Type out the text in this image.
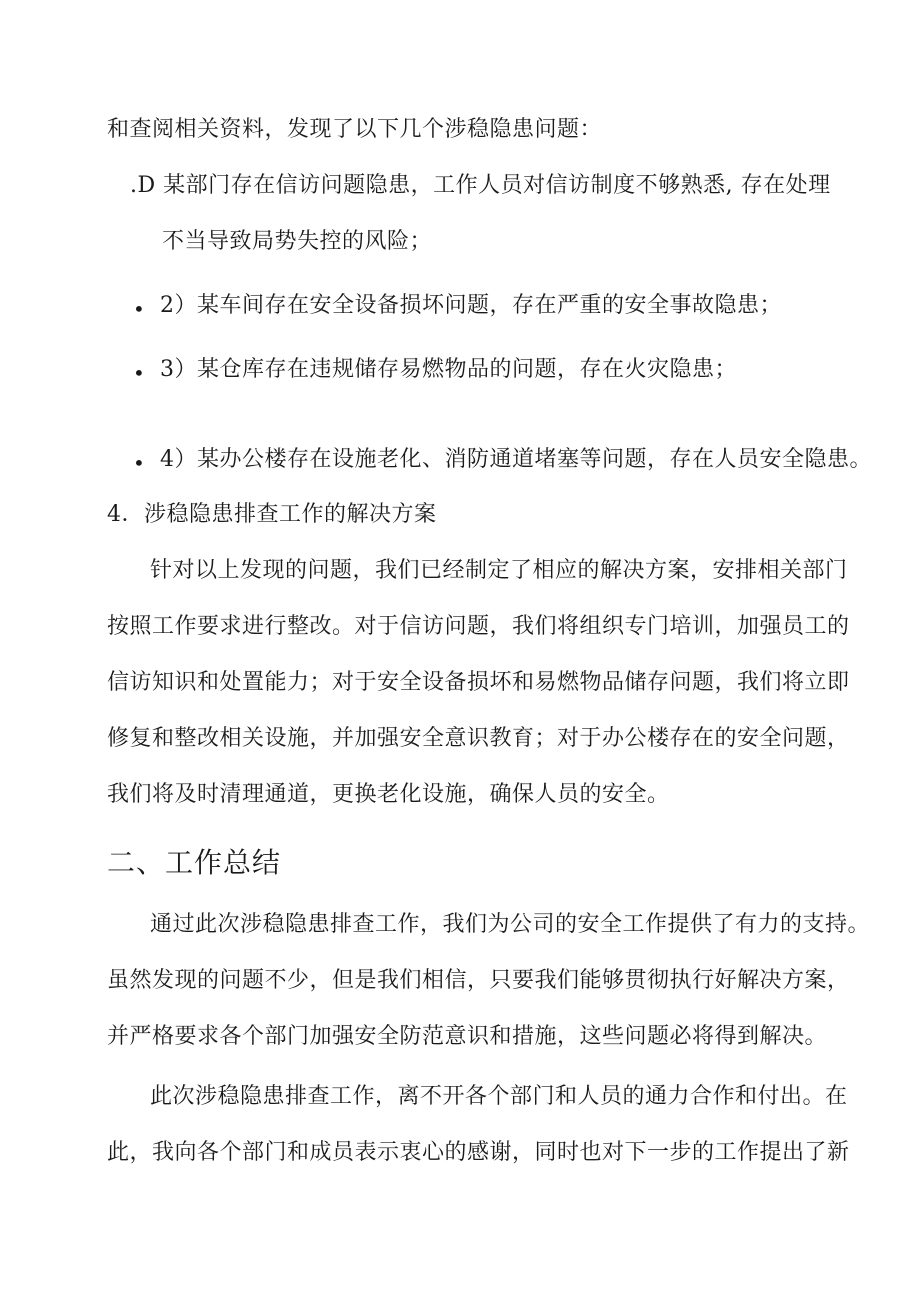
和查阅相关资料，发现了以下几个涉稳隐患问题：
.D 某部门存在信访问题隐患，工作人员对信访制度不够熟悉, 存在处理
不当导致局势失控的风险；
• 2）某车间存在安全设备损坏问题，存在严重的安全事故隐患；
• 3）某仓库存在违规储存易燃物品的问题，存在火灾隐患；
• 4）某办公楼存在设施老化、消防通道堵塞等问题，存在人员安全隐患。
4．涉稳隐患排查工作的解决方案
针对以上发现的问题，我们已经制定了相应的解决方案，安排相关部门
按照工作要求进行整改。对于信访问题，我们将组织专门培训，加强员工的
信访知识和处置能力；对于安全设备损坏和易燃物品储存问题，我们将立即
修复和整改相关设施，并加强安全意识教育；对于办公楼存在的安全问题，
我们将及时清理通道，更换老化设施，确保人员的安全。
二、工作总结
通过此次涉稳隐患排查工作，我们为公司的安全工作提供了有力的支持。
虽然发现的问题不少，但是我们相信，只要我们能够贯彻执行好解决方案，
并严格要求各个部门加强安全防范意识和措施，这些问题必将得到解决。
此次涉稳隐患排查工作，离不开各个部门和人员的通力合作和付出。在
此，我向各个部门和成员表示衷心的感谢，同时也对下一步的工作提出了新
